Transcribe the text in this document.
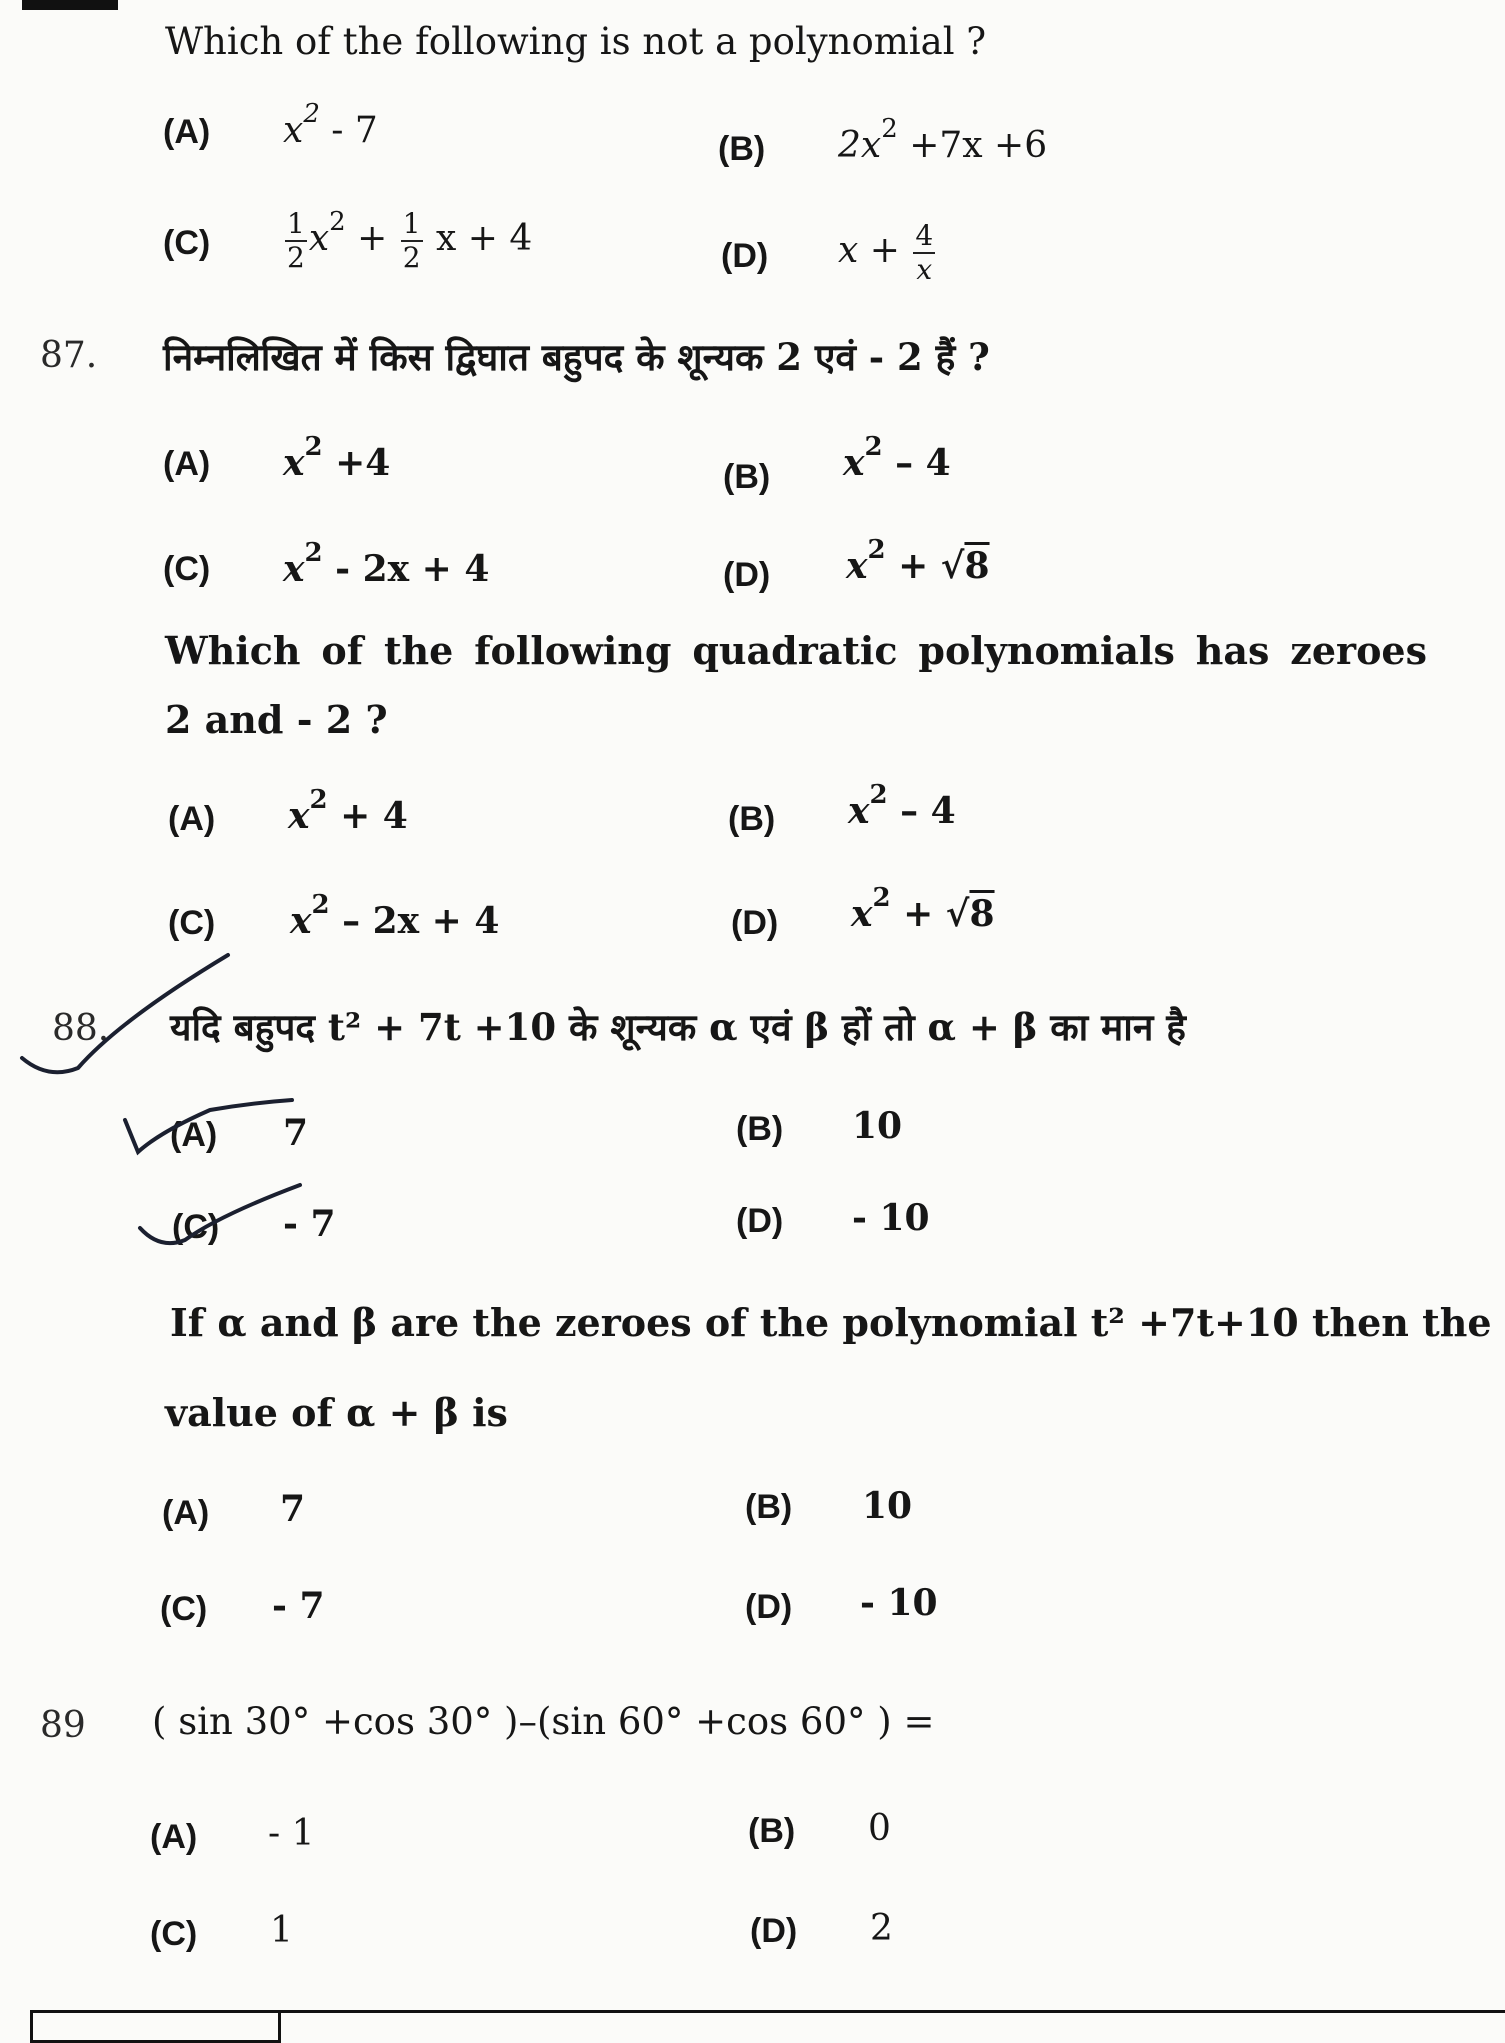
Which of the following is not a polynomial ?
(A) $x^2 - 7$	(B) $2x^2 +7x +6$
(C)	$\frac{1}{2} x^2 + \frac{1}{2}$ x + 4	(D) $x + \frac{4}{x}$
87. निम्नलिखित में किस द्विघात बहुपद के शून्यक 2 एवं - 2 हैं ?
(A) $x^2 +4$	(B) $x^2 - 4$
(C) $x^2 - 2x + 4$	(D) $x^2 + √8$
Which of the following quadratic polynomials has zeroes
2 and - 2 ?
(A) $x^2 + 4$	(B) $x^2 - 4$
(C) $x^2 - 2x + 4$	(D) $x^2 + √8$
88. यदि बहुपद t² + 7t +10 के शून्यक α एवं β हों तो α + β का मान है
(A) 7	(B) 10
(C) - 7	(D) - 10
If α and β are the zeroes of the polynomial t² +7t+10 then the
value of α + β is
(A) 7	(B) 10
(C) - 7	(D) - 10
89 ( sin 30° +cos 30° )–(sin 60° +cos 60° ) =
(A) - 1	(B) 0
(C) 1	(D) 2
